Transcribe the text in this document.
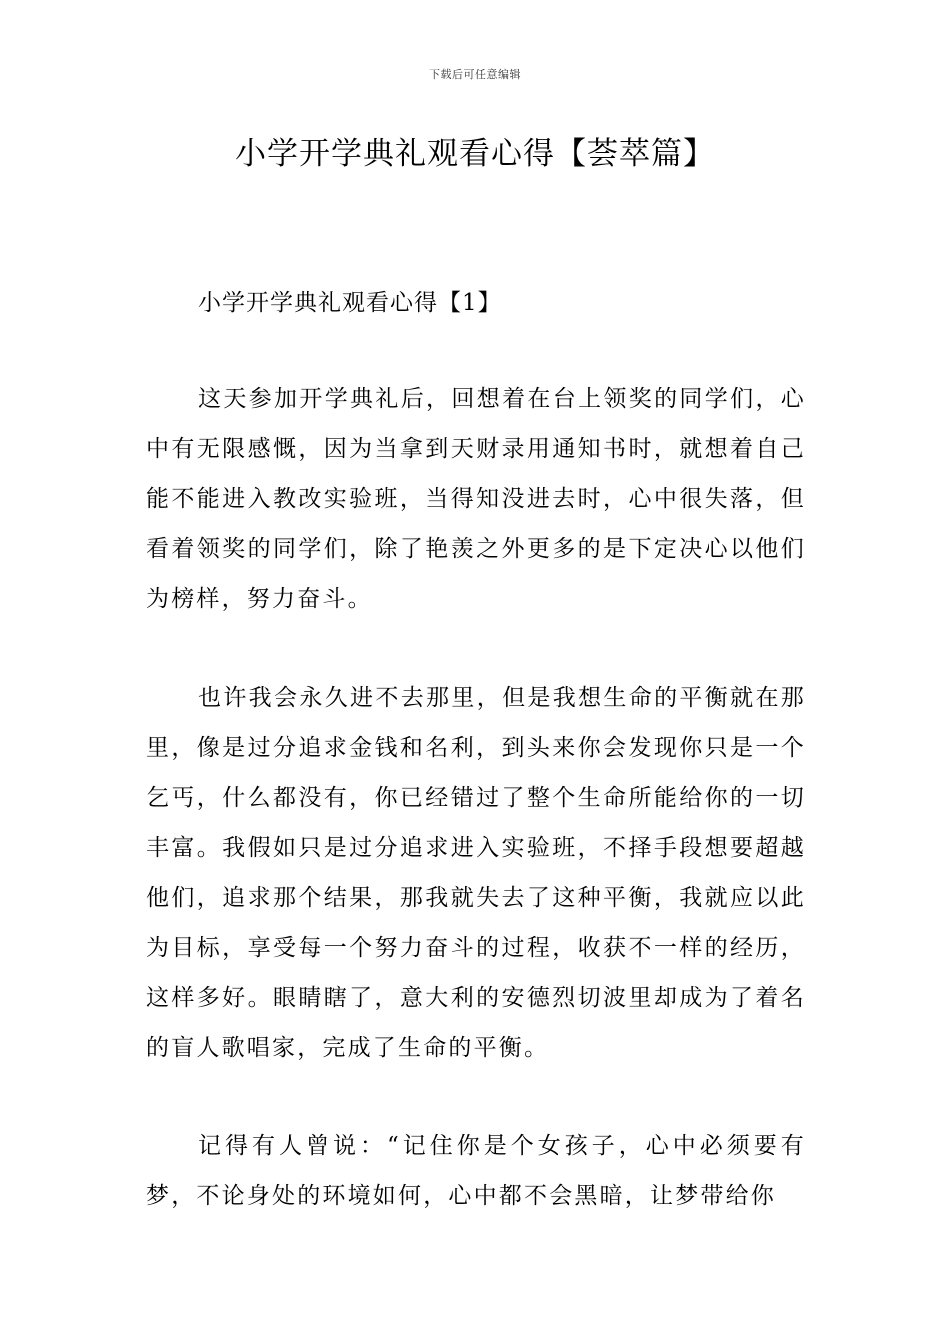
下载后可任意编辑
小学开学典礼观看心得【荟萃篇】
小学开学典礼观看心得【1】

这天参加开学典礼后，回想着在台上领奖的同学们，心中有无限感慨，因为当拿到天财录用通知书时，就想着自己能不能进入教改实验班，当得知没进去时，心中很失落，但看着领奖的同学们，除了艳羡之外更多的是下定决心以他们为榜样，努力奋斗。

也许我会永久进不去那里，但是我想生命的平衡就在那里，像是过分追求金钱和名利，到头来你会发现你只是一个乞丐，什么都没有，你已经错过了整个生命所能给你的一切丰富。我假如只是过分追求进入实验班，不择手段想要超越他们，追求那个结果，那我就失去了这种平衡，我就应以此为目标，享受每一个努力奋斗的过程，收获不一样的经历，这样多好。眼睛瞎了，意大利的安德烈切波里却成为了着名的盲人歌唱家，完成了生命的平衡。

记得有人曾说：“记住你是个女孩子，心中必须要有梦，不论身处的环境如何，心中都不会黑暗，让梦带给你
